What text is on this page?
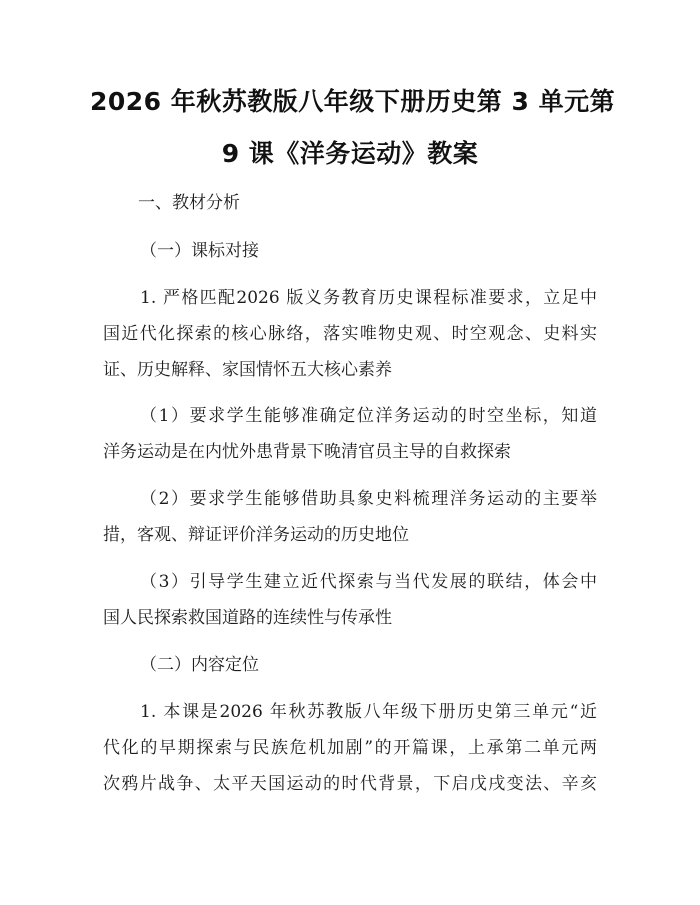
2026 年秋苏教版八年级下册历史第 3 单元第
9 课《洋务运动》教案
一、教材分析
（一）课标对接
1. 严格匹配2026 版义务教育历史课程标准要求，立足中
国近代化探索的核心脉络，落实唯物史观、时空观念、史料实
证、历史解释、家国情怀五大核心素养
（1）要求学生能够准确定位洋务运动的时空坐标，知道
洋务运动是在内忧外患背景下晚清官员主导的自救探索
（2）要求学生能够借助具象史料梳理洋务运动的主要举
措，客观、辩证评价洋务运动的历史地位
（3）引导学生建立近代探索与当代发展的联结，体会中
国人民探索救国道路的连续性与传承性
（二）内容定位
1. 本课是2026 年秋苏教版八年级下册历史第三单元“近
代化的早期探索与民族危机加剧”的开篇课，上承第二单元两
次鸦片战争、太平天国运动的时代背景，下启戊戌变法、辛亥
